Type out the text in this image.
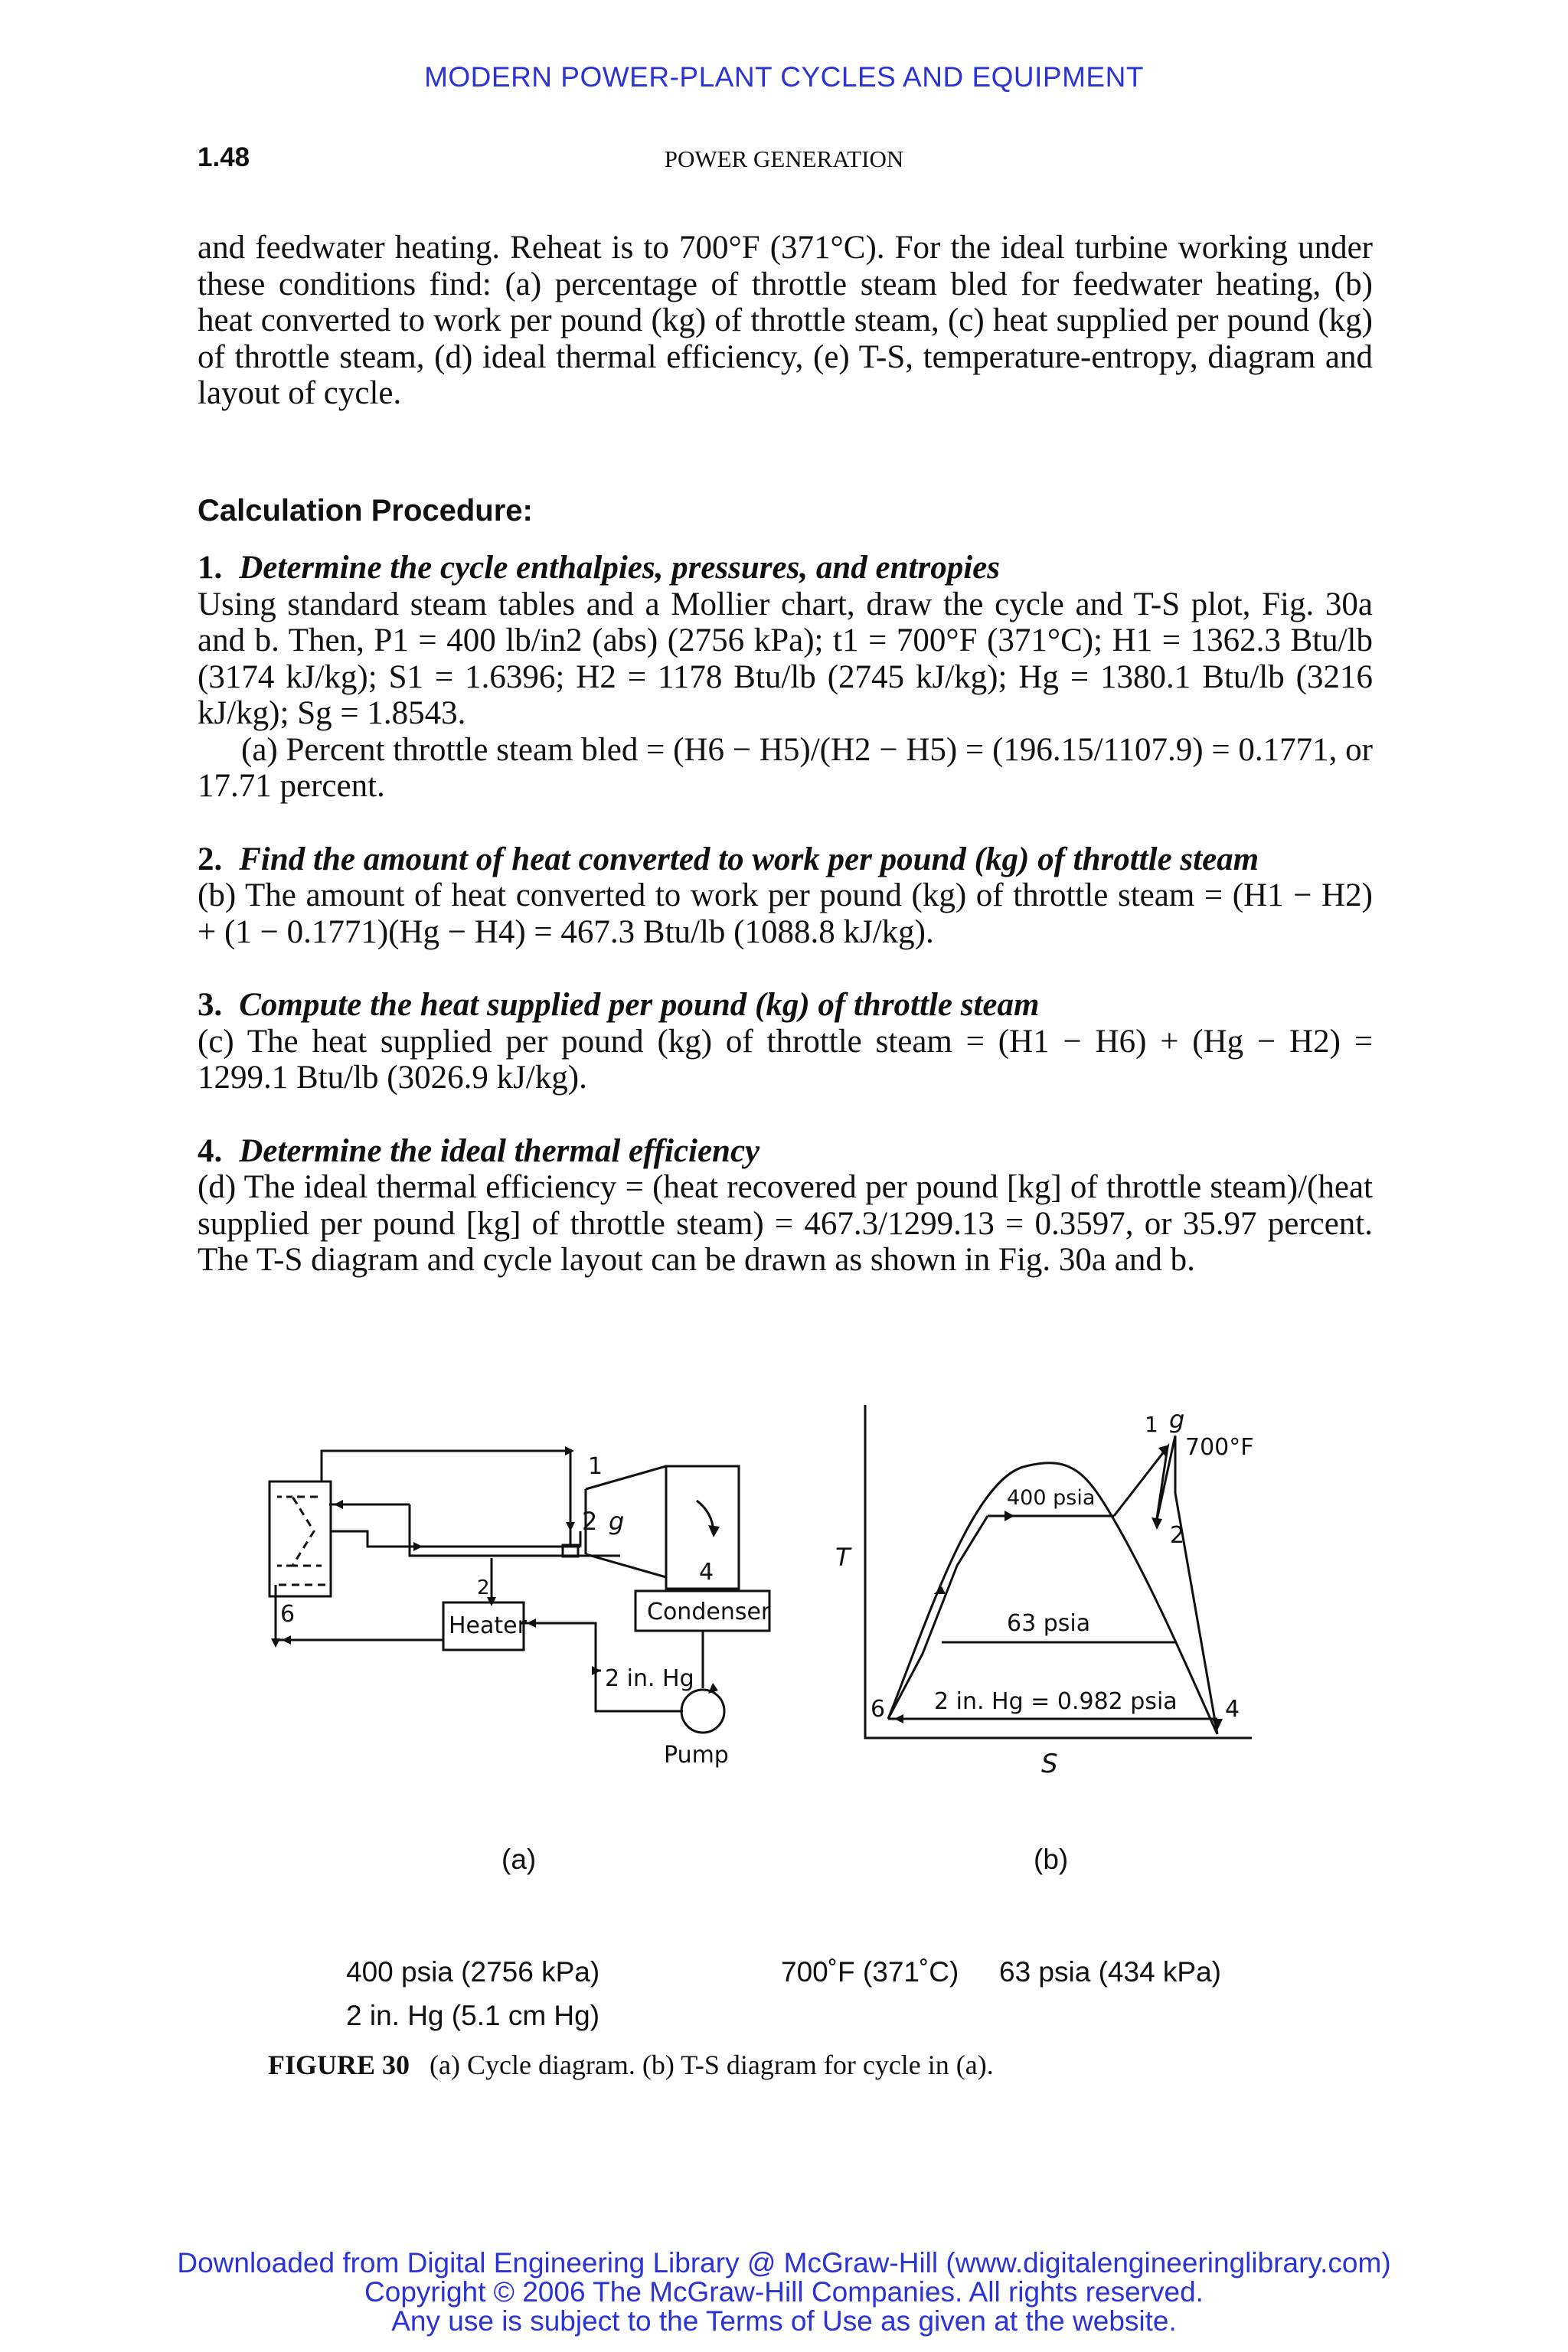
MODERN POWER-PLANT CYCLES AND EQUIPMENT
1.48	POWER GENERATION

and feedwater heating. Reheat is to 700°F (371°C). For the ideal turbine working under these conditions find: (a) percentage of throttle steam bled for feedwater heating, (b) heat converted to work per pound (kg) of throttle steam, (c) heat supplied per pound (kg) of throttle steam, (d) ideal thermal efficiency, (e) T-S, temperature-entropy, diagram and layout of cycle.

Calculation Procedure:

1. Determine the cycle enthalpies, pressures, and entropies

Using standard steam tables and a Mollier chart, draw the cycle and T-S plot, Fig. 30a and b. Then, P1 = 400 lb/in2 (abs) (2756 kPa); t1 = 700°F (371°C); H1 = 1362.3 Btu/lb (3174 kJ/kg); S1 = 1.6396; H2 = 1178 Btu/lb (2745 kJ/kg); Hg = 1380.1 Btu/lb (3216 kJ/kg); Sg = 1.8543.

(a) Percent throttle steam bled = (H6 − H5)/(H2 − H5) = (196.15/1107.9) = 0.1771, or 17.71 percent.

2. Find the amount of heat converted to work per pound (kg) of throttle steam

(b) The amount of heat converted to work per pound (kg) of throttle steam = (H1 − H2) + (1 − 0.1771)(Hg − H4) = 467.3 Btu/lb (1088.8 kJ/kg).

3. Compute the heat supplied per pound (kg) of throttle steam

(c) The heat supplied per pound (kg) of throttle steam = (H1 − H6) + (Hg − H2) = 1299.1 Btu/lb (3026.9 kJ/kg).

4. Determine the ideal thermal efficiency

(d) The ideal thermal efficiency = (heat recovered per pound [kg] of throttle steam)/(heat supplied per pound [kg] of throttle steam) = 467.3/1299.13 = 0.3597, or 35.97 percent. The T-S diagram and cycle layout can be drawn as shown in Fig. 30a and b.

1
2 g
4
2
6	Condenser
Heater
2 in. Hg
Pump
1 g
700°F
400 psia
2
T
63 psia
6 2 in. Hg = 0.982 psia 4
S
(a)	(b)
400 psia (2756 kPa)	700˚F (371˚C) 63 psia (434 kPa)
2 in. Hg (5.1 cm Hg)
FIGURE 30 (a) Cycle diagram. (b) T-S diagram for cycle in (a).
Downloaded from Digital Engineering Library @ McGraw-Hill (www.digitalengineeringlibrary.com)
Copyright © 2006 The McGraw-Hill Companies. All rights reserved.
Any use is subject to the Terms of Use as given at the website.
